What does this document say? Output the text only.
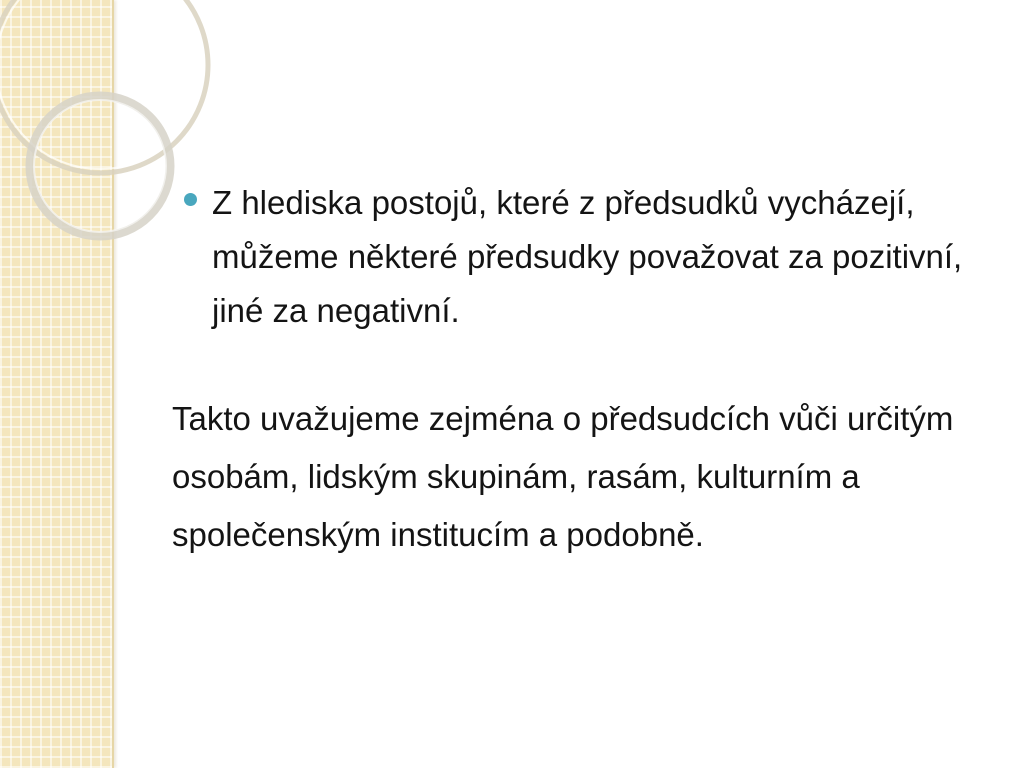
Z hlediska postojů, které z předsudků vycházejí, můžeme některé předsudky považovat za pozitivní, jiné za negativní.

Takto uvažujeme zejména o předsudcích vůči určitým osobám, lidským skupinám, rasám, kulturním a společenským institucím a podobně.
